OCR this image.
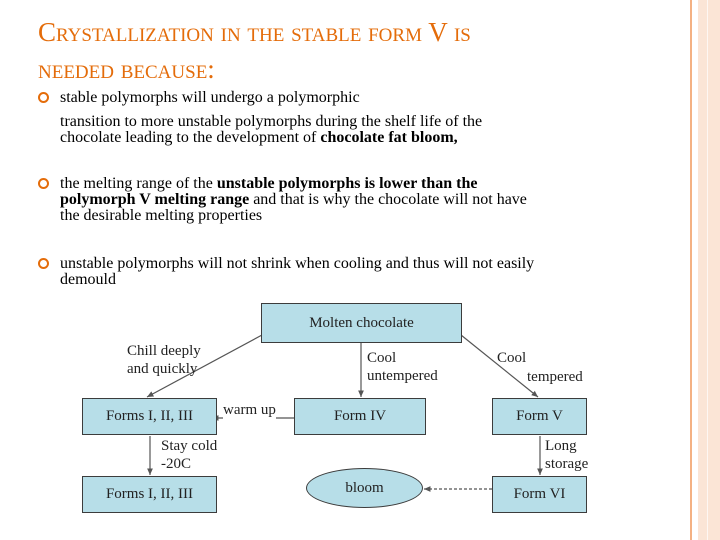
Crystallization in the stable form V is
needed because:
stable polymorphs will undergo a polymorphic
transition to more unstable polymorphs during the shelf life of the
chocolate leading to the development of chocolate fat bloom,
the melting range of the unstable polymorphs is lower than the
polymorph V melting range and that is why the chocolate will not have
the desirable melting properties
unstable polymorphs will not shrink when cooling and thus will not easily
demould
Molten chocolate
Forms I, II, III	Form IV	Form V
Forms I, II, III	bloom	Form VI
Chill deeply
and quickly
Cool
untempered
Cool
tempered
warm up
Stay cold
-20C
Long
storage
